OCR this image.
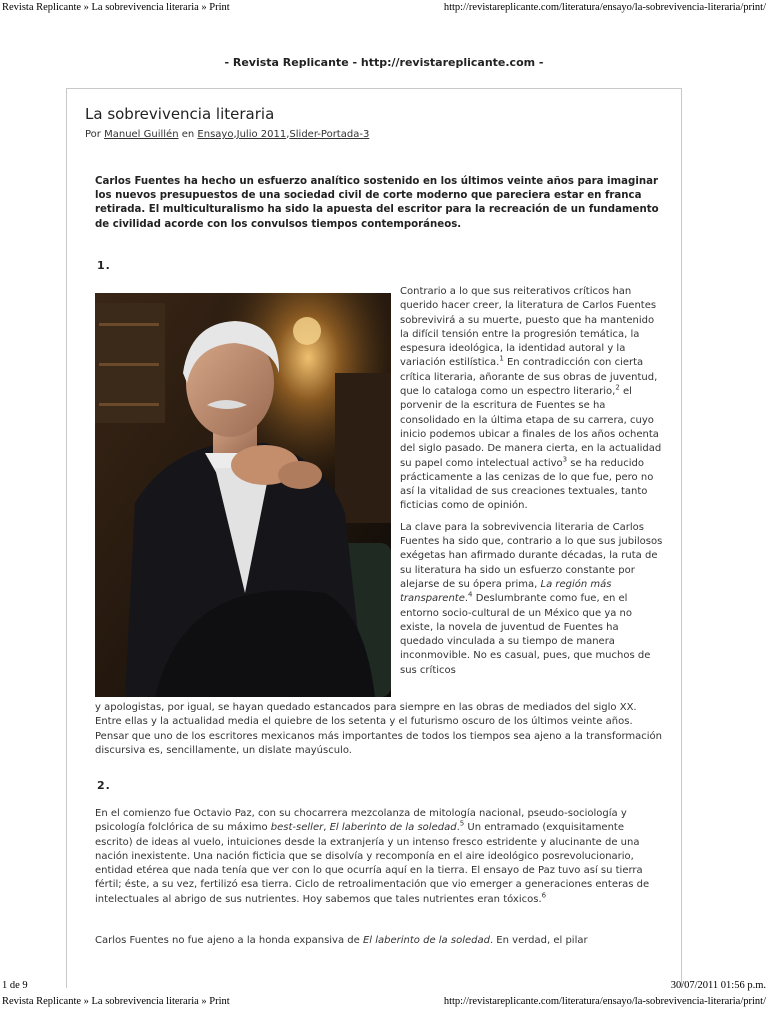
Revista Replicante » La sobrevivencia literaria » Print	http://revistareplicante.com/literatura/ensayo/la-sobrevivencia-literaria/print/
- Revista Replicante - http://revistareplicante.com -
La sobrevivencia literaria
Por Manuel Guillén en Ensayo,Julio 2011,Slider-Portada-3
Carlos Fuentes ha hecho un esfuerzo analítico sostenido en los últimos veinte años para imaginar los nuevos presupuestos de una sociedad civil de corte moderno que pareciera estar en franca retirada. El multiculturalismo ha sido la apuesta del escritor para la recreación de un fundamento de civilidad acorde con los convulsos tiempos contemporáneos.
1.

Contrario a lo que sus reiterativos críticos han querido hacer creer, la literatura de Carlos Fuentes sobrevivirá a su muerte, puesto que ha mantenido la difícil tensión entre la progresión temática, la espesura ideológica, la identidad autoral y la variación estilística.$^1$ En contradicción con cierta crítica literaria, añorante de sus obras de juventud, que lo cataloga como un espectro literario,$^2$ el porvenir de la escritura de Fuentes se ha consolidado en la última etapa de su carrera, cuyo inicio podemos ubicar a finales de los años ochenta del siglo pasado. De manera cierta, en la actualidad su papel como intelectual activo$^3$ se ha reducido prácticamente a las cenizas de lo que fue, pero no así la vitalidad de sus creaciones textuales, tanto ficticias como de opinión.

La clave para la sobrevivencia literaria de Carlos Fuentes ha sido que, contrario a lo que sus jubilosos exégetas han afirmado durante décadas, la ruta de su literatura ha sido un esfuerzo constante por alejarse de su ópera prima, La región más transparente.$^4$ Deslumbrante como fue, en el entorno socio-cultural de un México que ya no existe, la novela de juventud de Fuentes ha quedado vinculada a su tiempo de manera inconmovible. No es casual, pues, que muchos de sus críticos

y apologistas, por igual, se hayan quedado estancados para siempre en las obras de mediados del siglo XX. Entre ellas y la actualidad media el quiebre de los setenta y el futurismo oscuro de los últimos veinte años. Pensar que uno de los escritores mexicanos más importantes de todos los tiempos sea ajeno a la transformación discursiva es, sencillamente, un dislate mayúsculo.
2.
En el comienzo fue Octavio Paz, con su chocarrera mezcolanza de mitología nacional, pseudo-sociología y psicología folclórica de su máximo best-seller, El laberinto de la soledad.$^5$ Un entramado (exquisitamente escrito) de ideas al vuelo, intuiciones desde la extranjería y un intenso fresco estridente y alucinante de una nación inexistente. Una nación ficticia que se disolvía y recomponía en el aire ideológico posrevolucionario, entidad etérea que nada tenía que ver con lo que ocurría aquí en la tierra. El ensayo de Paz tuvo así su tierra fértil; éste, a su vez, fertilizó esa tierra. Ciclo de retroalimentación que vio emerger a generaciones enteras de intelectuales al abrigo de sus nutrientes. Hoy sabemos que tales nutrientes eran tóxicos.$^6$
Carlos Fuentes no fue ajeno a la honda expansiva de El laberinto de la soledad. En verdad, el pilar
1 de 9	30/07/2011 01:56 p.m.
Revista Replicante » La sobrevivencia literaria » Print	http://revistareplicante.com/literatura/ensayo/la-sobrevivencia-literaria/print/
